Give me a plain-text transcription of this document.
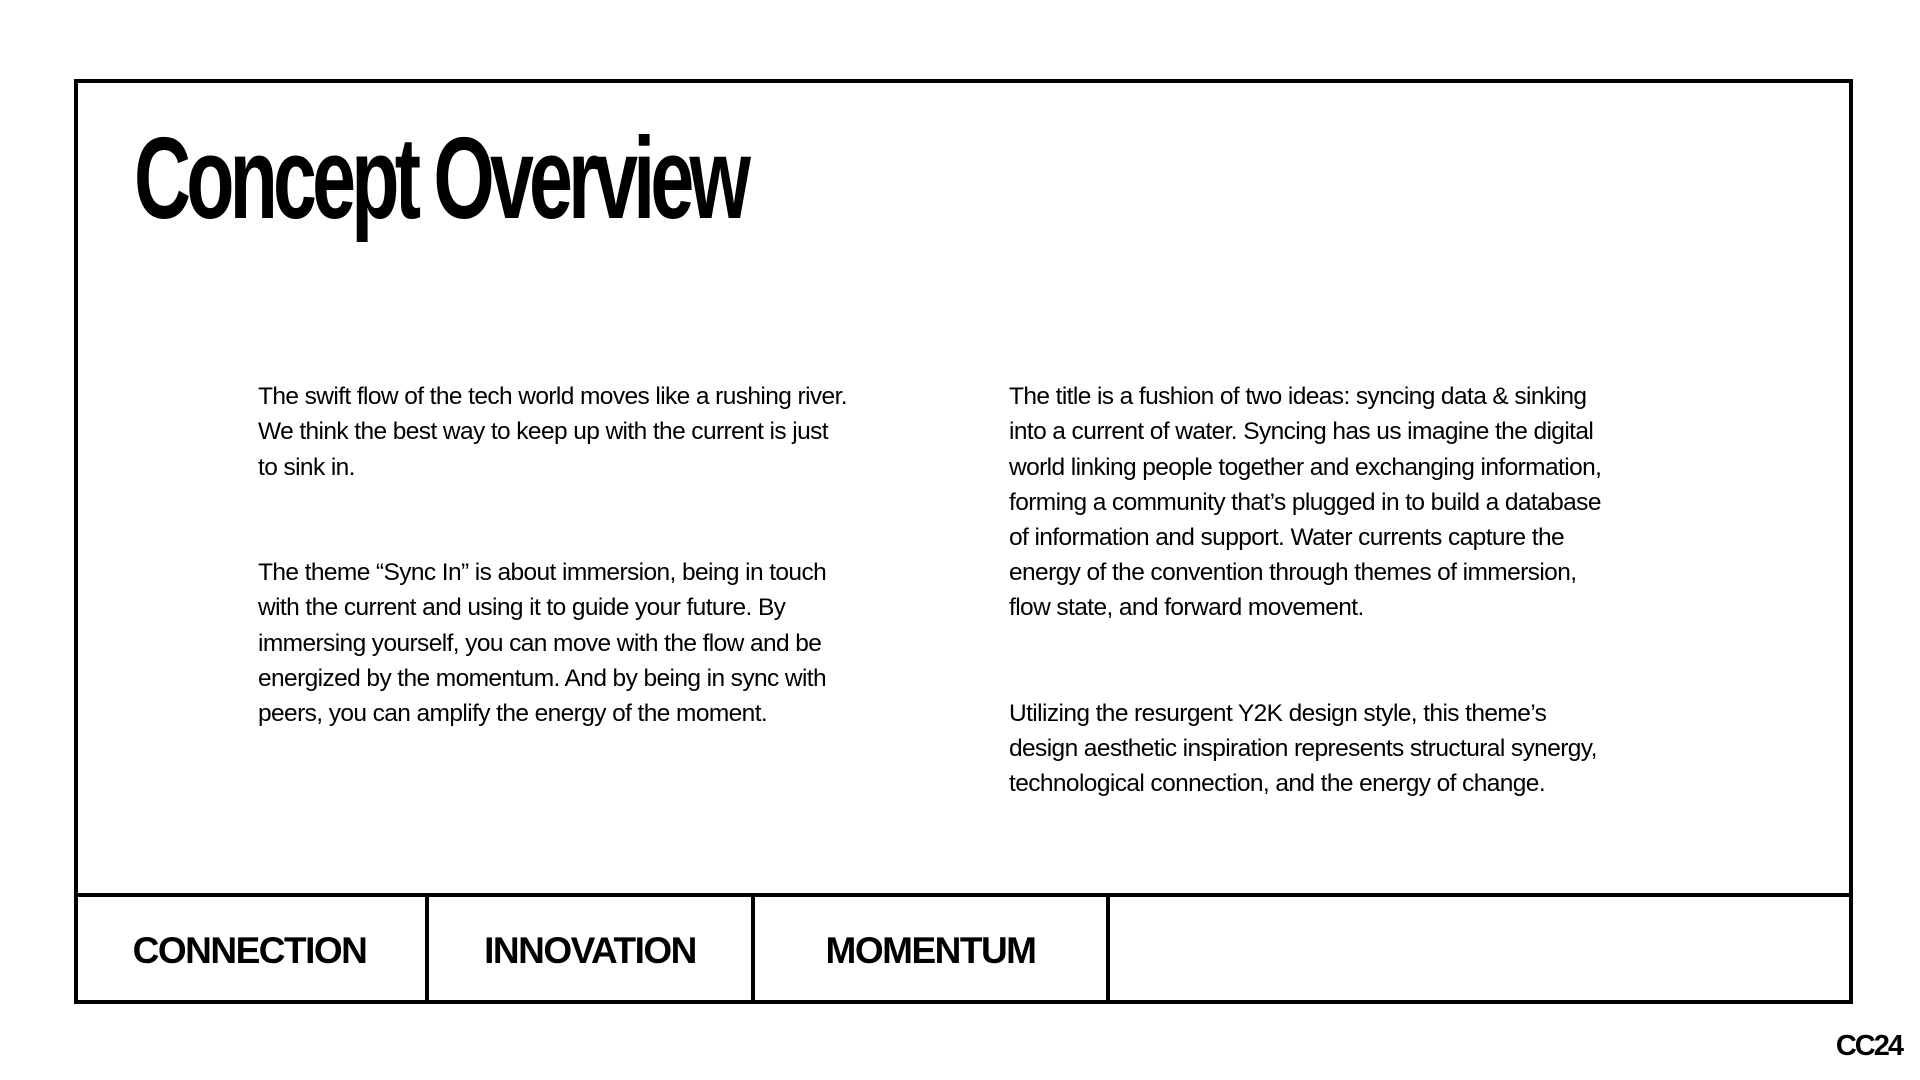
Concept Overview

The swift flow of the tech world moves like a rushing river.
We think the best way to keep up with the current is just
to sink in.

The theme “Sync In” is about immersion, being in touch
with the current and using it to guide your future. By
immersing yourself, you can move with the flow and be
energized by the momentum. And by being in sync with
peers, you can amplify the energy of the moment.

The title is a fushion of two ideas: syncing data & sinking
into a current of water. Syncing has us imagine the digital
world linking people together and exchanging information,
forming a community that’s plugged in to build a database
of information and support. Water currents capture the
energy of the convention through themes of immersion,
flow state, and forward movement.

Utilizing the resurgent Y2K design style, this theme’s
design aesthetic inspiration represents structural synergy,
technological connection, and the energy of change.

CONNECTION	INNOVATION	MOMENTUM
CC24
